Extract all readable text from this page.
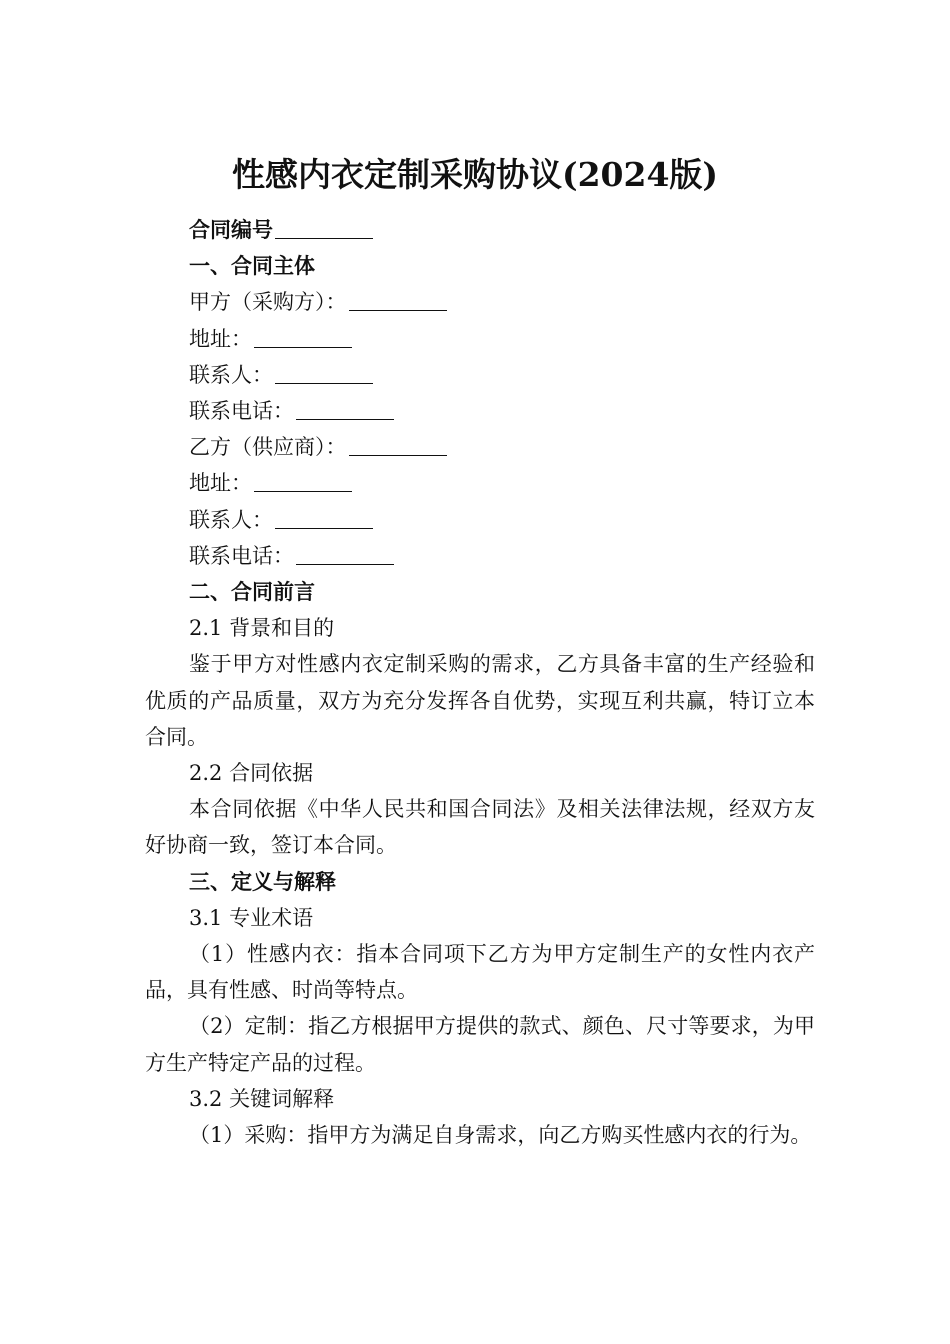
性感内衣定制采购协议(2024版)

合同编号

一、合同主体

甲方（采购方）：

地址：

联系人：

联系电话：

乙方（供应商）：

地址：

联系人：

联系电话：

二、合同前言

2.1 背景和目的

鉴于甲方对性感内衣定制采购的需求，乙方具备丰富的生产经验和优质的产品质量，双方为充分发挥各自优势，实现互利共赢，特订立本合同。

2.2 合同依据

本合同依据《中华人民共和国合同法》及相关法律法规，经双方友好协商一致，签订本合同。

三、定义与解释

3.1 专业术语

（1）性感内衣：指本合同项下乙方为甲方定制生产的女性内衣产品，具有性感、时尚等特点。

（2）定制：指乙方根据甲方提供的款式、颜色、尺寸等要求，为甲方生产特定产品的过程。

3.2 关键词解释

（1）采购：指甲方为满足自身需求，向乙方购买性感内衣的行为。
